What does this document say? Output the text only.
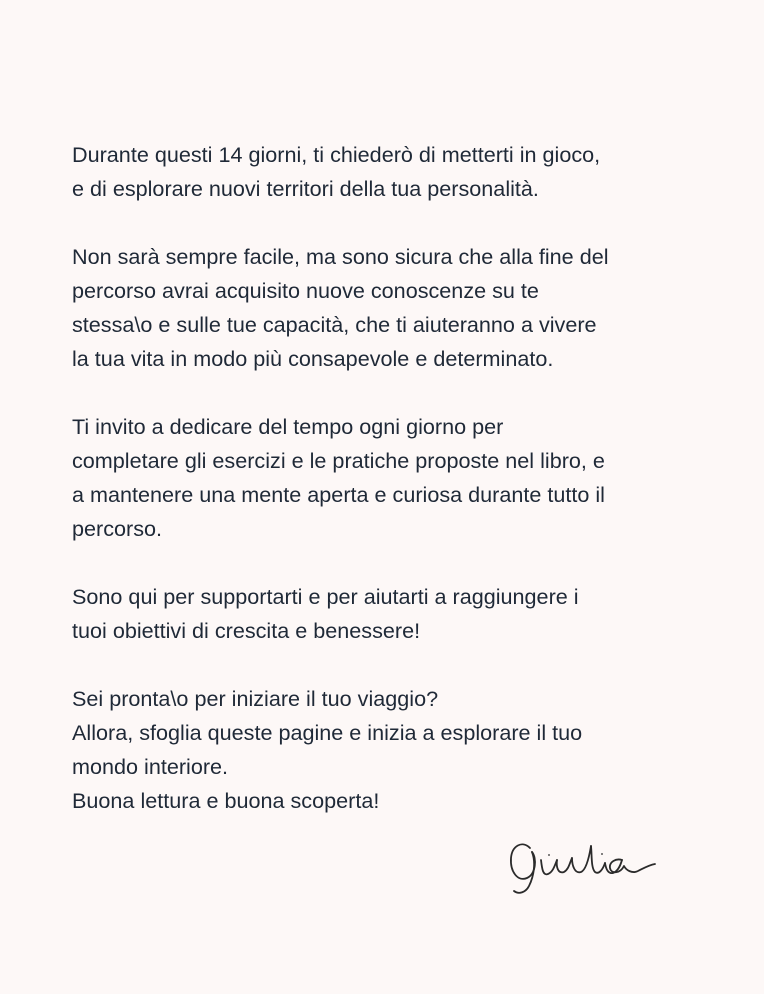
Durante questi 14 giorni, ti chiederò di metterti in gioco,
e di esplorare nuovi territori della tua personalità.

Non sarà sempre facile, ma sono sicura che alla fine del
percorso avrai acquisito nuove conoscenze su te
stessa\o e sulle tue capacità, che ti aiuteranno a vivere
la tua vita in modo più consapevole e determinato.

Ti invito a dedicare del tempo ogni giorno per
completare gli esercizi e le pratiche proposte nel libro, e
a mantenere una mente aperta e curiosa durante tutto il
percorso.

Sono qui per supportarti e per aiutarti a raggiungere i
tuoi obiettivi di crescita e benessere!

Sei pronta\o per iniziare il tuo viaggio?
Allora, sfoglia queste pagine e inizia a esplorare il tuo
mondo interiore.
Buona lettura e buona scoperta!
